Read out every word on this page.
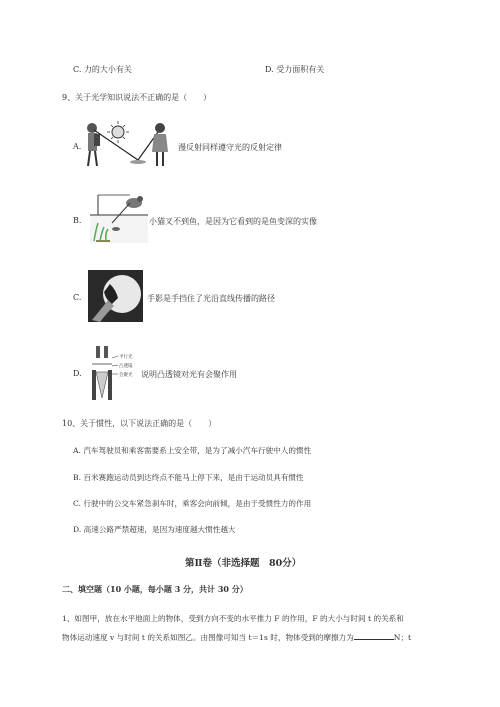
C. 力的大小有关	D. 受力面积有关
9、关于光学知识说法不正确的是（　　）
A.	漫反射同样遵守光的反射定律
B.	小猫叉不到鱼，是因为它看到的是鱼变深的实像
C.	手影是手挡住了光沿直线传播的路径
D.
平行光
凸透镜
会聚光 说明凸透镜对光有会聚作用
10、关于惯性，以下说法正确的是（　　）
A. 汽车驾驶员和乘客需要系上安全带，是为了减小汽车行驶中人的惯性
B. 百米赛跑运动员到达终点不能马上停下来，是由于运动员具有惯性
C. 行驶中的公交车紧急刹车时，乘客会向前倾，是由于受惯性力的作用
D. 高速公路严禁超速，是因为速度越大惯性越大
第Ⅱ卷（非选择题　80分）
二、填空题（10 小题，每小题 3 分，共计 30 分）
1、如图甲，放在水平地面上的物体，受到方向不变的水平推力 F 的作用，F 的大小与时间 t 的关系和
物体运动速度 v 与时间 t 的关系如图乙。由图像可知当 t＝1s 时，物体受到的摩擦力为	N；t
